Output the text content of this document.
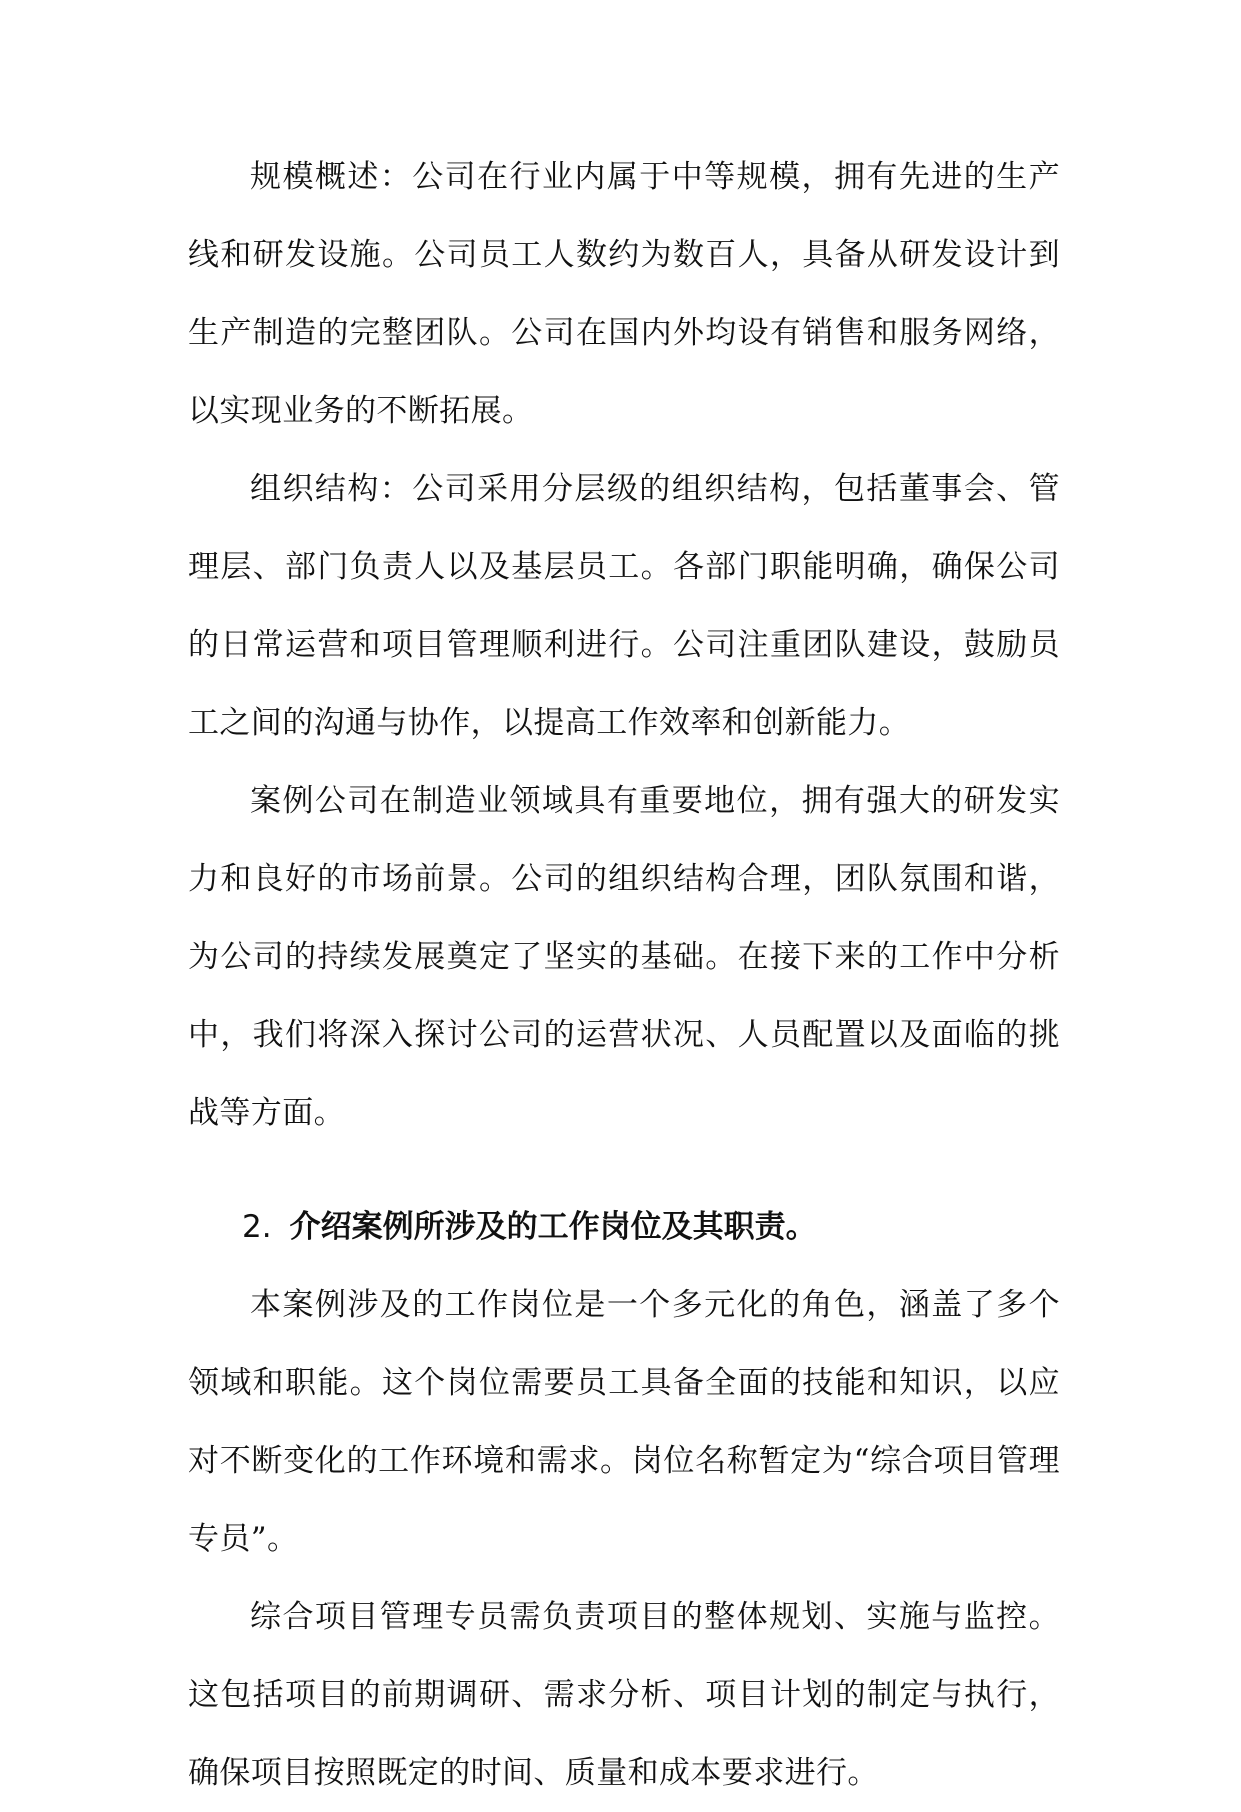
规模概述：公司在行业内属于中等规模，拥有先进的生产线和研发设施。公司员工人数约为数百人，具备从研发设计到生产制造的完整团队。公司在国内外均设有销售和服务网络，以实现业务的不断拓展。

组织结构：公司采用分层级的组织结构，包括董事会、管理层、部门负责人以及基层员工。各部门职能明确，确保公司的日常运营和项目管理顺利进行。公司注重团队建设，鼓励员工之间的沟通与协作，以提高工作效率和创新能力。

案例公司在制造业领域具有重要地位，拥有强大的研发实力和良好的市场前景。公司的组织结构合理，团队氛围和谐，为公司的持续发展奠定了坚实的基础。在接下来的工作中分析中，我们将深入探讨公司的运营状况、人员配置以及面临的挑战等方面。

2. 介绍案例所涉及的工作岗位及其职责。

本案例涉及的工作岗位是一个多元化的角色，涵盖了多个领域和职能。这个岗位需要员工具备全面的技能和知识，以应对不断变化的工作环境和需求。岗位名称暂定为“综合项目管理专员”。

综合项目管理专员需负责项目的整体规划、实施与监控。这包括项目的前期调研、需求分析、项目计划的制定与执行，确保项目按照既定的时间、质量和成本要求进行。
